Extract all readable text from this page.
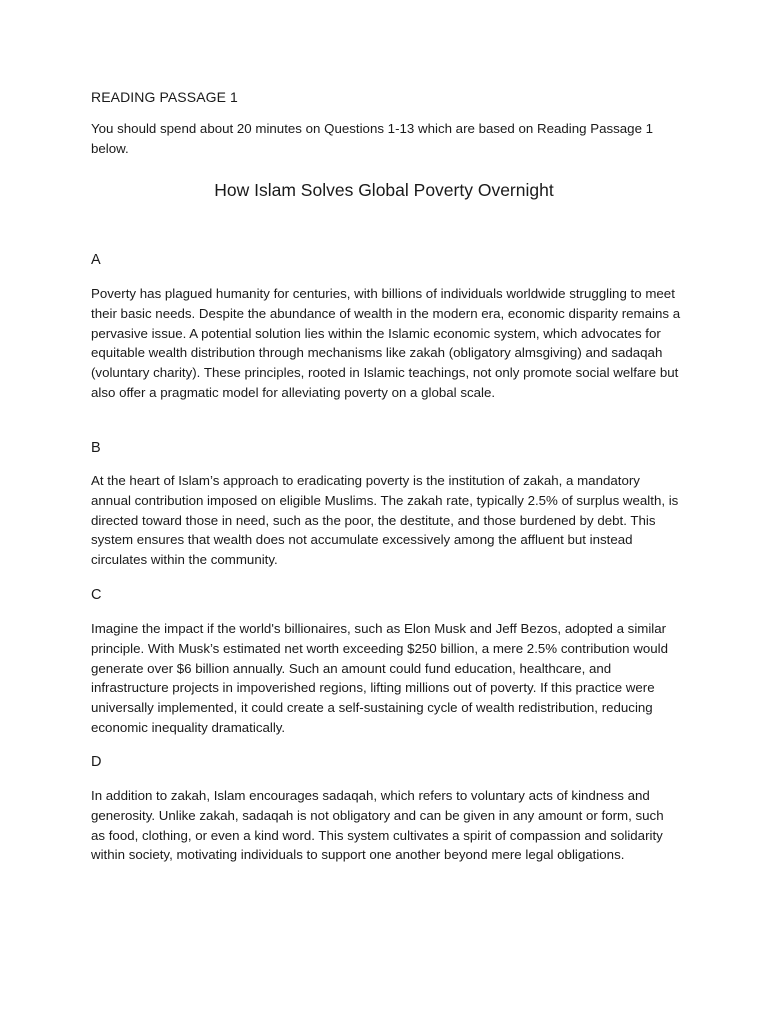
READING PASSAGE 1
You should spend about 20 minutes on Questions 1-13 which are based on Reading Passage 1 below.
How Islam Solves Global Poverty Overnight
A
Poverty has plagued humanity for centuries, with billions of individuals worldwide struggling to meet their basic needs. Despite the abundance of wealth in the modern era, economic disparity remains a pervasive issue. A potential solution lies within the Islamic economic system, which advocates for equitable wealth distribution through mechanisms like zakah (obligatory almsgiving) and sadaqah (voluntary charity). These principles, rooted in Islamic teachings, not only promote social welfare but also offer a pragmatic model for alleviating poverty on a global scale.
B
At the heart of Islam’s approach to eradicating poverty is the institution of zakah, a mandatory annual contribution imposed on eligible Muslims. The zakah rate, typically 2.5% of surplus wealth, is directed toward those in need, such as the poor, the destitute, and those burdened by debt. This system ensures that wealth does not accumulate excessively among the affluent but instead circulates within the community.
C
Imagine the impact if the world's billionaires, such as Elon Musk and Jeff Bezos, adopted a similar principle. With Musk’s estimated net worth exceeding $250 billion, a mere 2.5% contribution would generate over $6 billion annually. Such an amount could fund education, healthcare, and infrastructure projects in impoverished regions, lifting millions out of poverty. If this practice were universally implemented, it could create a self-sustaining cycle of wealth redistribution, reducing economic inequality dramatically.
D
In addition to zakah, Islam encourages sadaqah, which refers to voluntary acts of kindness and generosity. Unlike zakah, sadaqah is not obligatory and can be given in any amount or form, such as food, clothing, or even a kind word. This system cultivates a spirit of compassion and solidarity within society, motivating individuals to support one another beyond mere legal obligations.
